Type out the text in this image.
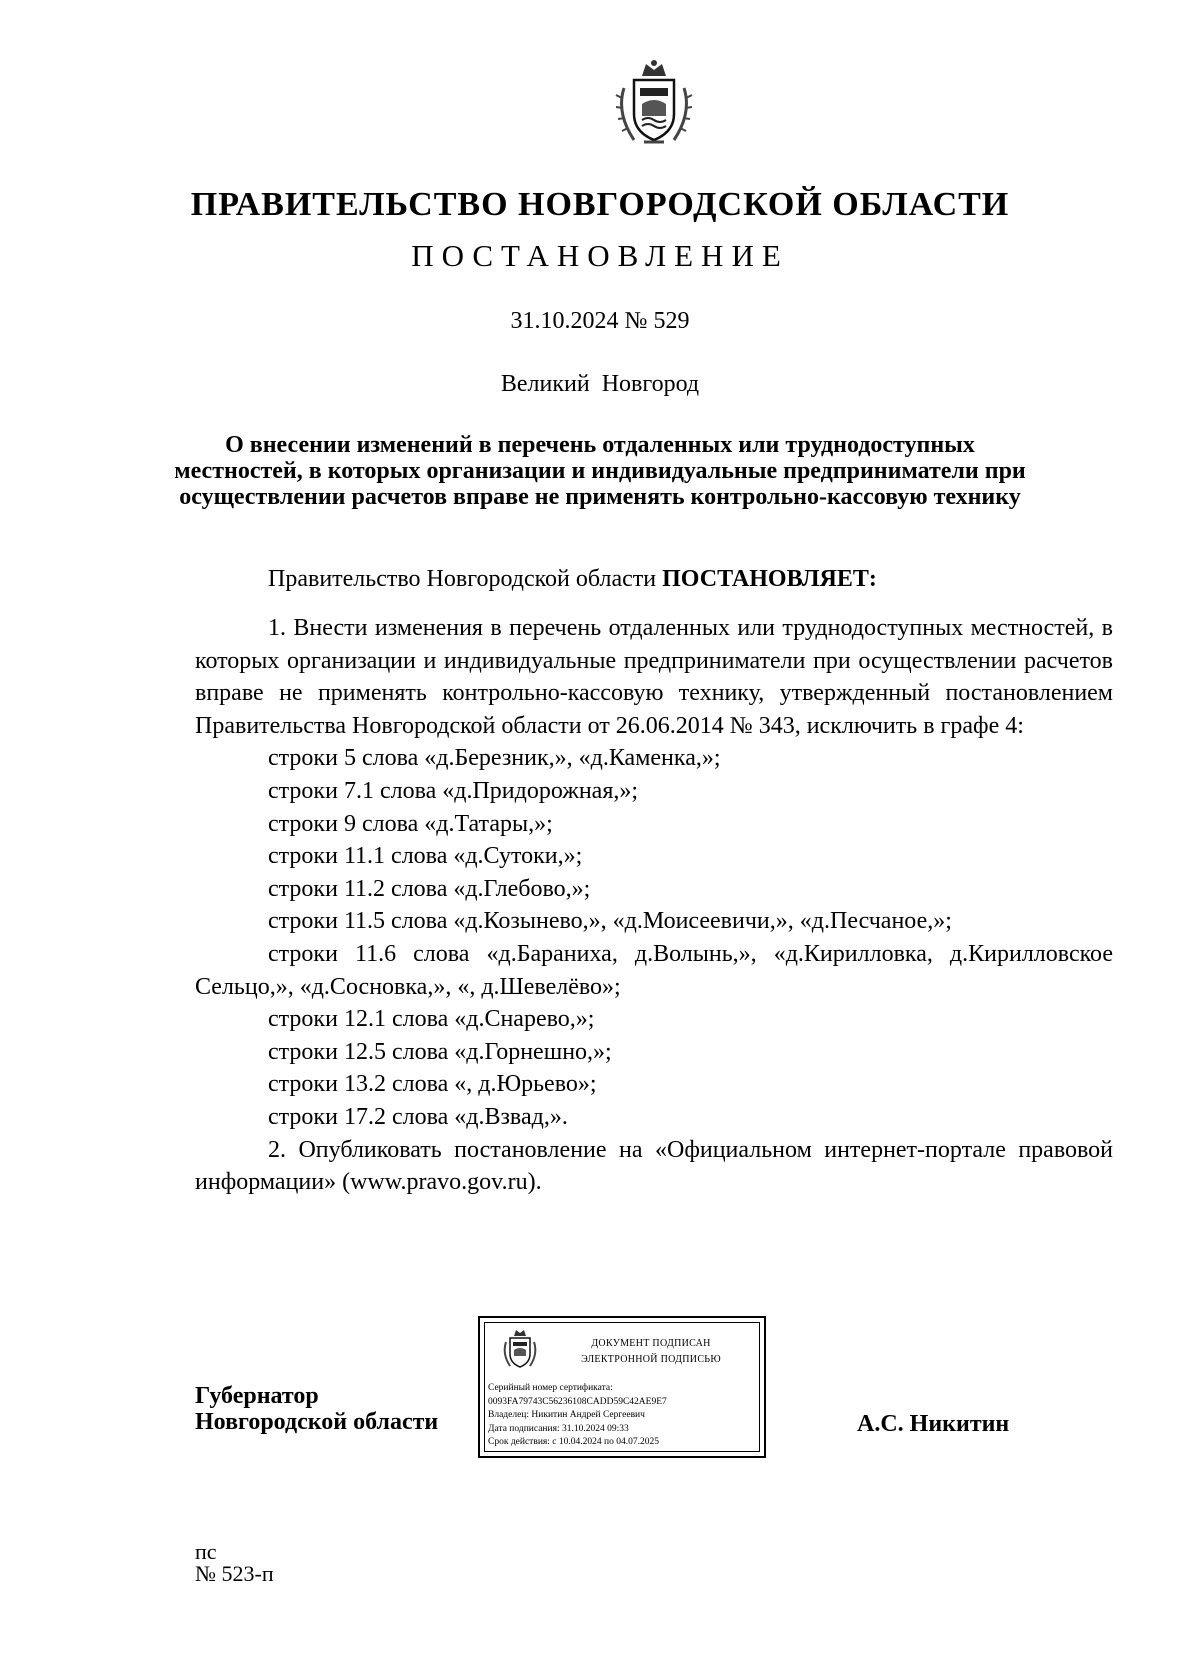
ПРАВИТЕЛЬСТВО НОВГОРОДСКОЙ ОБЛАСТИ
ПОСТАНОВЛЕНИЕ
31.10.2024 № 529
Великий Новгород
О внесении изменений в перечень отдаленных или труднодоступных
местностей, в которых организации и индивидуальные предприниматели при
осуществлении расчетов вправе не применять контрольно-кассовую технику
Правительство Новгородской области ПОСТАНОВЛЯЕТ:

1. Внести изменения в перечень отдаленных или труднодоступных местностей, в которых организации и индивидуальные предприниматели при осуществлении расчетов вправе не применять контрольно-кассовую технику, утвержденный постановлением Правительства Новгородской области от 26.06.2014 № 343, исключить в графе 4:

строки 5 слова «д.Березник,», «д.Каменка,»;
строки 7.1 слова «д.Придорожная,»;
строки 9 слова «д.Татары,»;
строки 11.1 слова «д.Сутоки,»;
строки 11.2 слова «д.Глебово,»;
строки 11.5 слова «д.Козынево,», «д.Моисеевичи,», «д.Песчаное,»;
строки 11.6 слова «д.Бараниха, д.Волынь,», «д.Кирилловка, д.Кирилловское Сельцо,», «д.Сосновка,», «, д.Шевелёво»;
строки 12.1 слова «д.Снарево,»;
строки 12.5 слова «д.Горнешно,»;
строки 13.2 слова «, д.Юрьево»;
строки 17.2 слова «д.Взвад,».

2. Опубликовать постановление на «Официальном интернет-портале правовой информации» (www.pravo.gov.ru).

Губернатор
Новгородской области
ДОКУМЕНТ ПОДПИСАН
ЭЛЕКТРОННОЙ ПОДПИСЬЮ
Серийный номер сертификата:
0093FA79743C56236108CADD59C42AE9E7
Владелец: Никитин Андрей Сергеевич
Дата подписания: 31.10.2024 09:33
Срок действия: с 10.04.2024 по 04.07.2025
А.С. Никитин
пс
№ 523-п
